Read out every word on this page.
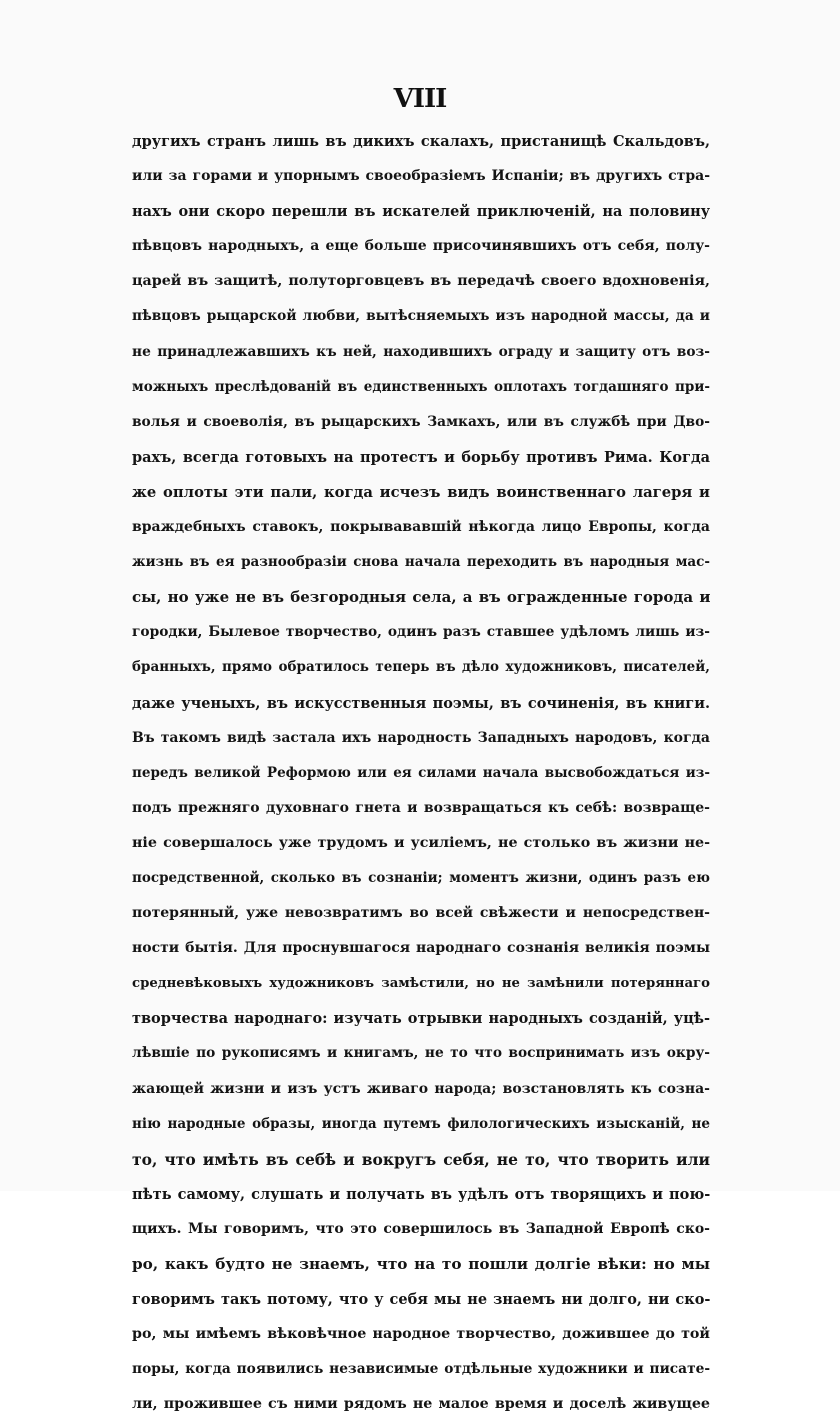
VIII
другихъ странъ лишь въ дикихъ скалахъ, пристанищѣ Скальдовъ,
или за горами и упорнымъ своеобразіемъ Испаніи; въ другихъ стра-
нахъ они скоро перешли въ искателей приключеній, на половину
пѣвцовъ народныхъ, а еще больше присочинявшихъ отъ себя, полу-
царей въ защитѣ, полуторговцевъ въ передачѣ своего вдохновенія,
пѣвцовъ рыцарской любви, вытѣсняемыхъ изъ народной массы, да и
не принадлежавшихъ къ ней, находившихъ ограду и защиту отъ воз-
можныхъ преслѣдованій въ единственныхъ оплотахъ тогдашняго при-
волья и своеволія, въ рыцарскихъ Замкахъ, или въ службѣ при Дво-
рахъ, всегда готовыхъ на протестъ и борьбу противъ Рима. Когда
же оплоты эти пали, когда исчезъ видъ воинственнаго лагеря и
враждебныхъ ставокъ, покрывававшій нѣкогда лицо Европы, когда
жизнь въ ея разнообразіи снова начала переходить въ народныя мас-
сы, но уже не въ безгородныя села, а въ огражденные города и
городки, Былевое творчество, одинъ разъ ставшее удѣломъ лишь из-
бранныхъ, прямо обратилось теперь въ дѣло художниковъ, писателей,
даже ученыхъ, въ искусственныя поэмы, въ сочиненія, въ книги.
Въ такомъ видѣ застала ихъ народность Западныхъ народовъ, когда
передъ великой Реформою или ея силами начала высвобождаться из-
подъ прежняго духовнаго гнета и возвращаться къ себѣ: возвраще-
ніе совершалось уже трудомъ и усиліемъ, не столько въ жизни не-
посредственной, сколько въ сознаніи; моментъ жизни, одинъ разъ ею
потерянный, уже невозвратимъ во всей свѣжести и непосредствен-
ности бытія. Для проснувшагося народнаго сознанія великія поэмы
средневѣковыхъ художниковъ замѣстили, но не замѣнили потеряннаго
творчества народнаго: изучать отрывки народныхъ созданій, уцѣ-
лѣвшіе по рукописямъ и книгамъ, не то что воспринимать изъ окру-
жающей жизни и изъ устъ живаго народа; возстановлять къ созна-
нію народные образы, иногда путемъ филологическихъ изысканій, не
то, что имѣть въ себѣ и вокругъ себя, не то, что творить или
пѣть самому, слушать и получать въ удѣлъ отъ творящихъ и пою-
щихъ. Мы говоримъ, что это совершилось въ Западной Европѣ ско-
ро, какъ будто не знаемъ, что на то пошли долгіе вѣки: но мы
говоримъ такъ потому, что у себя мы не знаемъ ни долго, ни ско-
ро, мы имѣемъ вѣковѣчное народное творчество, дожившее до той
поры, когда появились независимые отдѣльные художники и писате-
ли, прожившее съ ними рядомъ не малое время и доселѣ живущее
